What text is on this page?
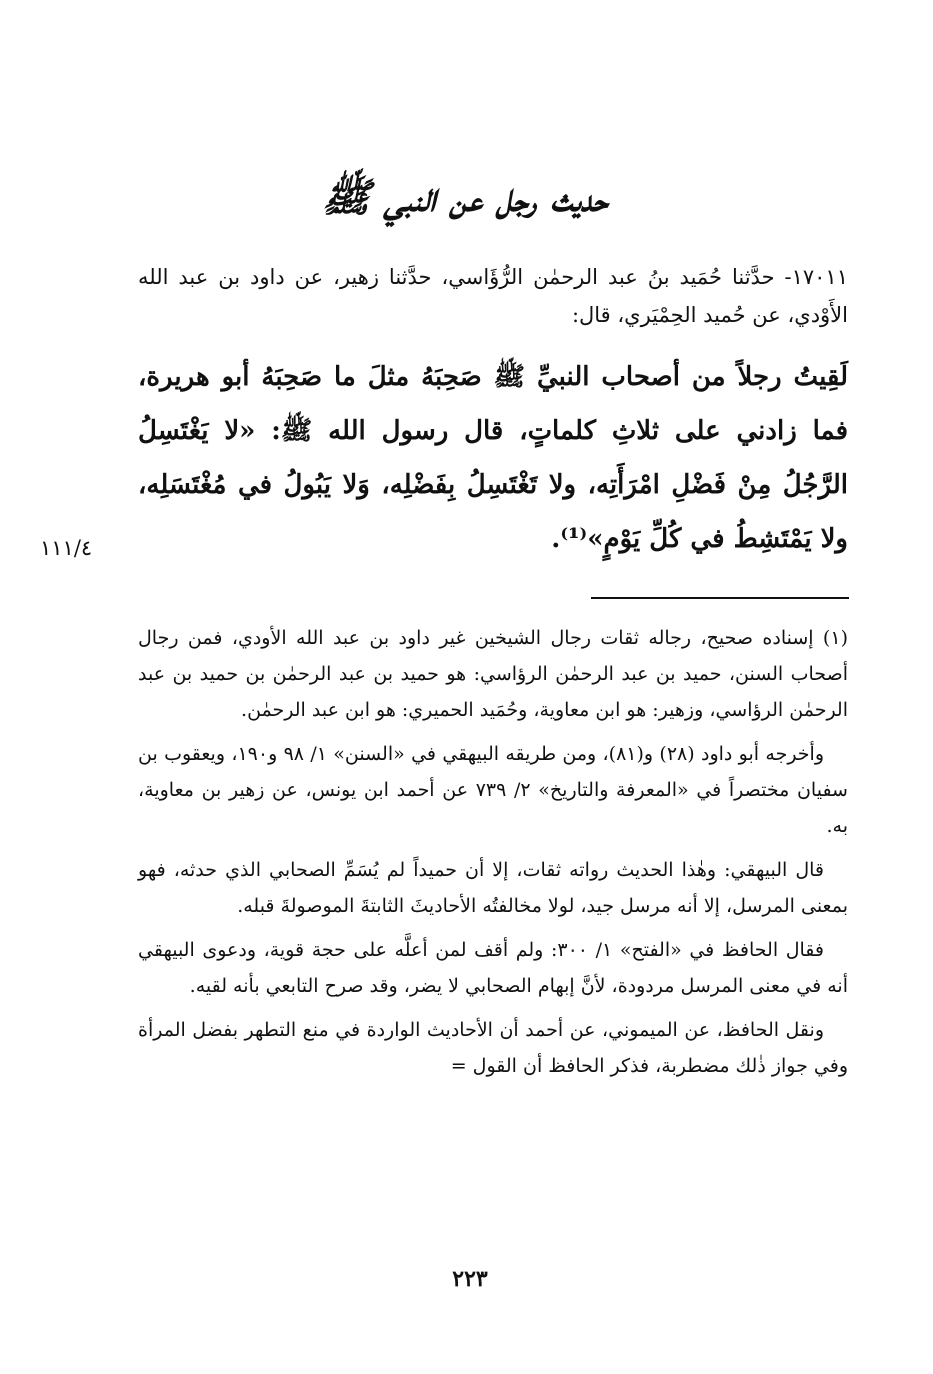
حديث رجل عن النبي ﷺ

١٧٠١١- حدَّثنا حُمَيد بنُ عبد الرحمٰن الرُّؤَاسي، حدَّثنا زهير، عن داود بن عبد الله الأَوْدي، عن حُميد الحِمْيَري، قال:

لَقِيتُ رجلاً من أصحاب النبيِّ ﷺ صَحِبَهُ مثلَ ما صَحِبَهُ أبو هريرة، فما زادني على ثلاثِ كلماتٍ، قال رسول الله ﷺ: «لا يَغْتَسِلُ الرَّجُلُ مِنْ فَضْلِ امْرَأَتِه، ولا تَغْتَسِلُ بِفَضْلِه، وَلا يَبُولُ في مُغْتَسَلِه، ولا يَمْتَشِطُ في كُلِّ يَوْمٍ»⁽¹⁾.

١١١/٤

(١) إسناده صحيح، رجاله ثقات رجال الشيخين غير داود بن عبد الله الأودي، فمن رجال أصحاب السنن، حميد بن عبد الرحمٰن الرؤاسي: هو حميد بن عبد الرحمٰن بن حميد بن عبد الرحمٰن الرؤاسي، وزهير: هو ابن معاوية، وحُمَيد الحميري: هو ابن عبد الرحمٰن.

وأخرجه أبو داود (٢٨) و(٨١)، ومن طريقه البيهقي في «السنن» ١/ ٩٨ و١٩٠، ويعقوب بن سفيان مختصراً في «المعرفة والتاريخ» ٢/ ٧٣٩ عن أحمد ابن يونس، عن زهير بن معاوية، به.

قال البيهقي: وهٰذا الحديث رواته ثقات، إلا أن حميداً لم يُسَمِّ الصحابي الذي حدثه، فهو بمعنى المرسل، إلا أنه مرسل جيد، لولا مخالفتُه الأحاديثَ الثابتةَ الموصولةَ قبله.

فقال الحافظ في «الفتح» ١/ ٣٠٠: ولم أقف لمن أعلَّه على حجة قوية، ودعوى البيهقي أنه في معنى المرسل مردودة، لأنَّ إبهام الصحابي لا يضر، وقد صرح التابعي بأنه لقيه.

ونقل الحافظ، عن الميموني، عن أحمد أن الأحاديث الواردة في منع التطهر بفضل المرأة وفي جواز ذٰلك مضطربة، فذكر الحافظ أن القول =

٢٢٣
